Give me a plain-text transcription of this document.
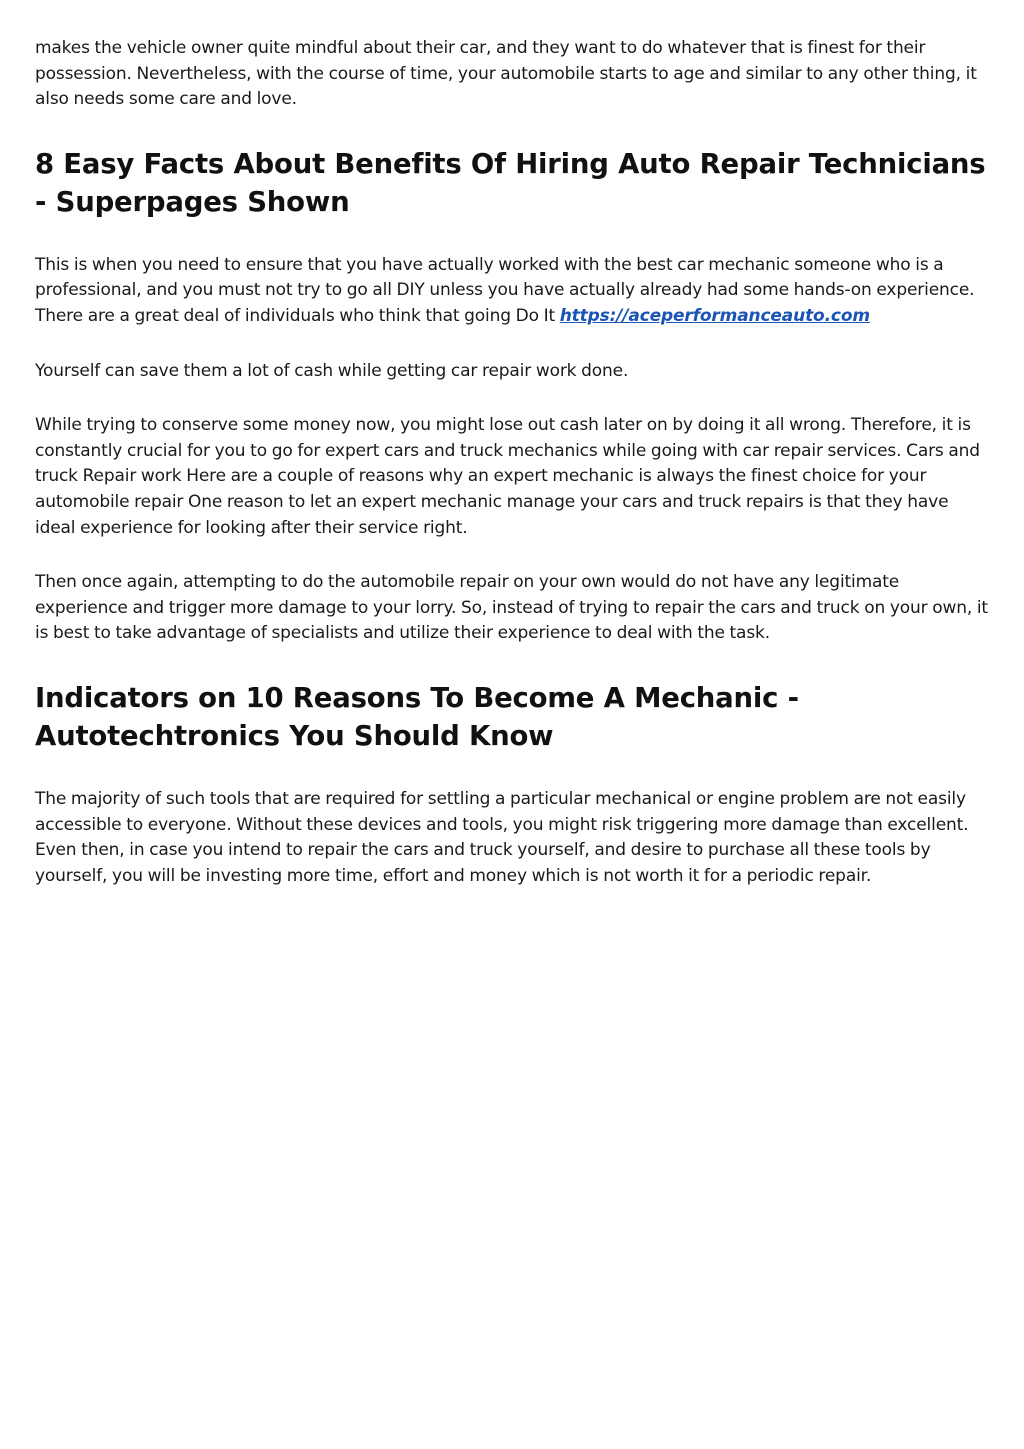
makes the vehicle owner quite mindful about their car, and they want to do whatever that is finest for their possession. Nevertheless, with the course of time, your automobile starts to age and similar to any other thing, it also needs some care and love.

8 Easy Facts About Benefits Of Hiring Auto Repair Technicians - Superpages Shown

This is when you need to ensure that you have actually worked with the best car mechanic someone who is a professional, and you must not try to go all DIY unless you have actually already had some hands-on experience. There are a great deal of individuals who think that going Do It https://aceperformanceauto.com

Yourself can save them a lot of cash while getting car repair work done.

While trying to conserve some money now, you might lose out cash later on by doing it all wrong. Therefore, it is constantly crucial for you to go for expert cars and truck mechanics while going with car repair services. Cars and truck Repair work Here are a couple of reasons why an expert mechanic is always the finest choice for your automobile repair One reason to let an expert mechanic manage your cars and truck repairs is that they have ideal experience for looking after their service right.

Then once again, attempting to do the automobile repair on your own would do not have any legitimate experience and trigger more damage to your lorry. So, instead of trying to repair the cars and truck on your own, it is best to take advantage of specialists and utilize their experience to deal with the task.

Indicators on 10 Reasons To Become A Mechanic - Autotechtronics You Should Know

The majority of such tools that are required for settling a particular mechanical or engine problem are not easily accessible to everyone. Without these devices and tools, you might risk triggering more damage than excellent. Even then, in case you intend to repair the cars and truck yourself, and desire to purchase all these tools by yourself, you will be investing more time, effort and money which is not worth it for a periodic repair.
